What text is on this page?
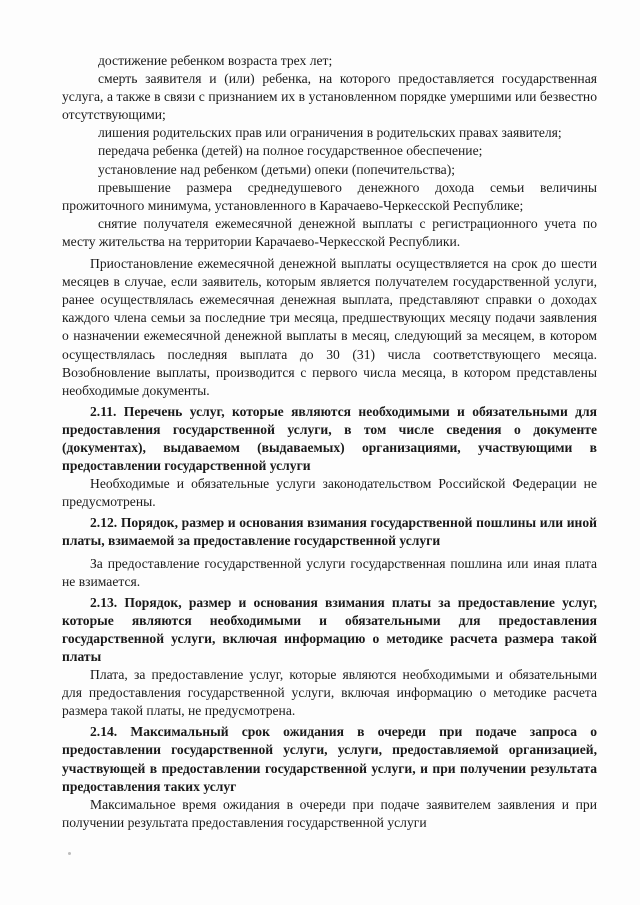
достижение ребенком возраста трех лет;

смерть заявителя и (или) ребенка, на которого предоставляется государственная услуга, а также в связи с признанием их в установленном порядке умершими или безвестно отсутствующими;

лишения родительских прав или ограничения в родительских правах заявителя;

передача ребенка (детей) на полное государственное обеспечение;

установление над ребенком (детьми) опеки (попечительства);

превышение размера среднедушевого денежного дохода семьи величины прожиточного минимума, установленного в Карачаево-Черкесской Республике;

снятие получателя ежемесячной денежной выплаты с регистрационного учета по месту жительства на территории Карачаево-Черкесской Республики.

Приостановление ежемесячной денежной выплаты осуществляется на срок до шести месяцев в случае, если заявитель, которым является получателем государственной услуги, ранее осуществлялась ежемесячная денежная выплата, представляют справки о доходах каждого члена семьи за последние три месяца, предшествующих месяцу подачи заявления о назначении ежемесячной денежной выплаты в месяц, следующий за месяцем, в котором осуществлялась последняя выплата до 30 (31) числа соответствующего месяца. Возобновление выплаты, производится с первого числа месяца, в котором представлены необходимые документы.

2.11. Перечень услуг, которые являются необходимыми и обязательными для предоставления государственной услуги, в том числе сведения о документе (документах), выдаваемом (выдаваемых) организациями, участвующими в предоставлении государственной услуги

Необходимые и обязательные услуги законодательством Российской Федерации не предусмотрены.

2.12. Порядок, размер и основания взимания государственной пошлины или иной платы, взимаемой за предоставление государственной услуги

За предоставление государственной услуги государственная пошлина или иная плата не взимается.

2.13. Порядок, размер и основания взимания платы за предоставление услуг, которые являются необходимыми и обязательными для предоставления государственной услуги, включая информацию о методике расчета размера такой платы

Плата, за предоставление услуг, которые являются необходимыми и обязательными для предоставления государственной услуги, включая информацию о методике расчета размера такой платы, не предусмотрена.

2.14. Максимальный срок ожидания в очереди при подаче запроса о предоставлении государственной услуги, услуги, предоставляемой организацией, участвующей в предоставлении государственной услуги, и при получении результата предоставления таких услуг

Максимальное время ожидания в очереди при подаче заявителем заявления и при получении результата предоставления государственной услуги
